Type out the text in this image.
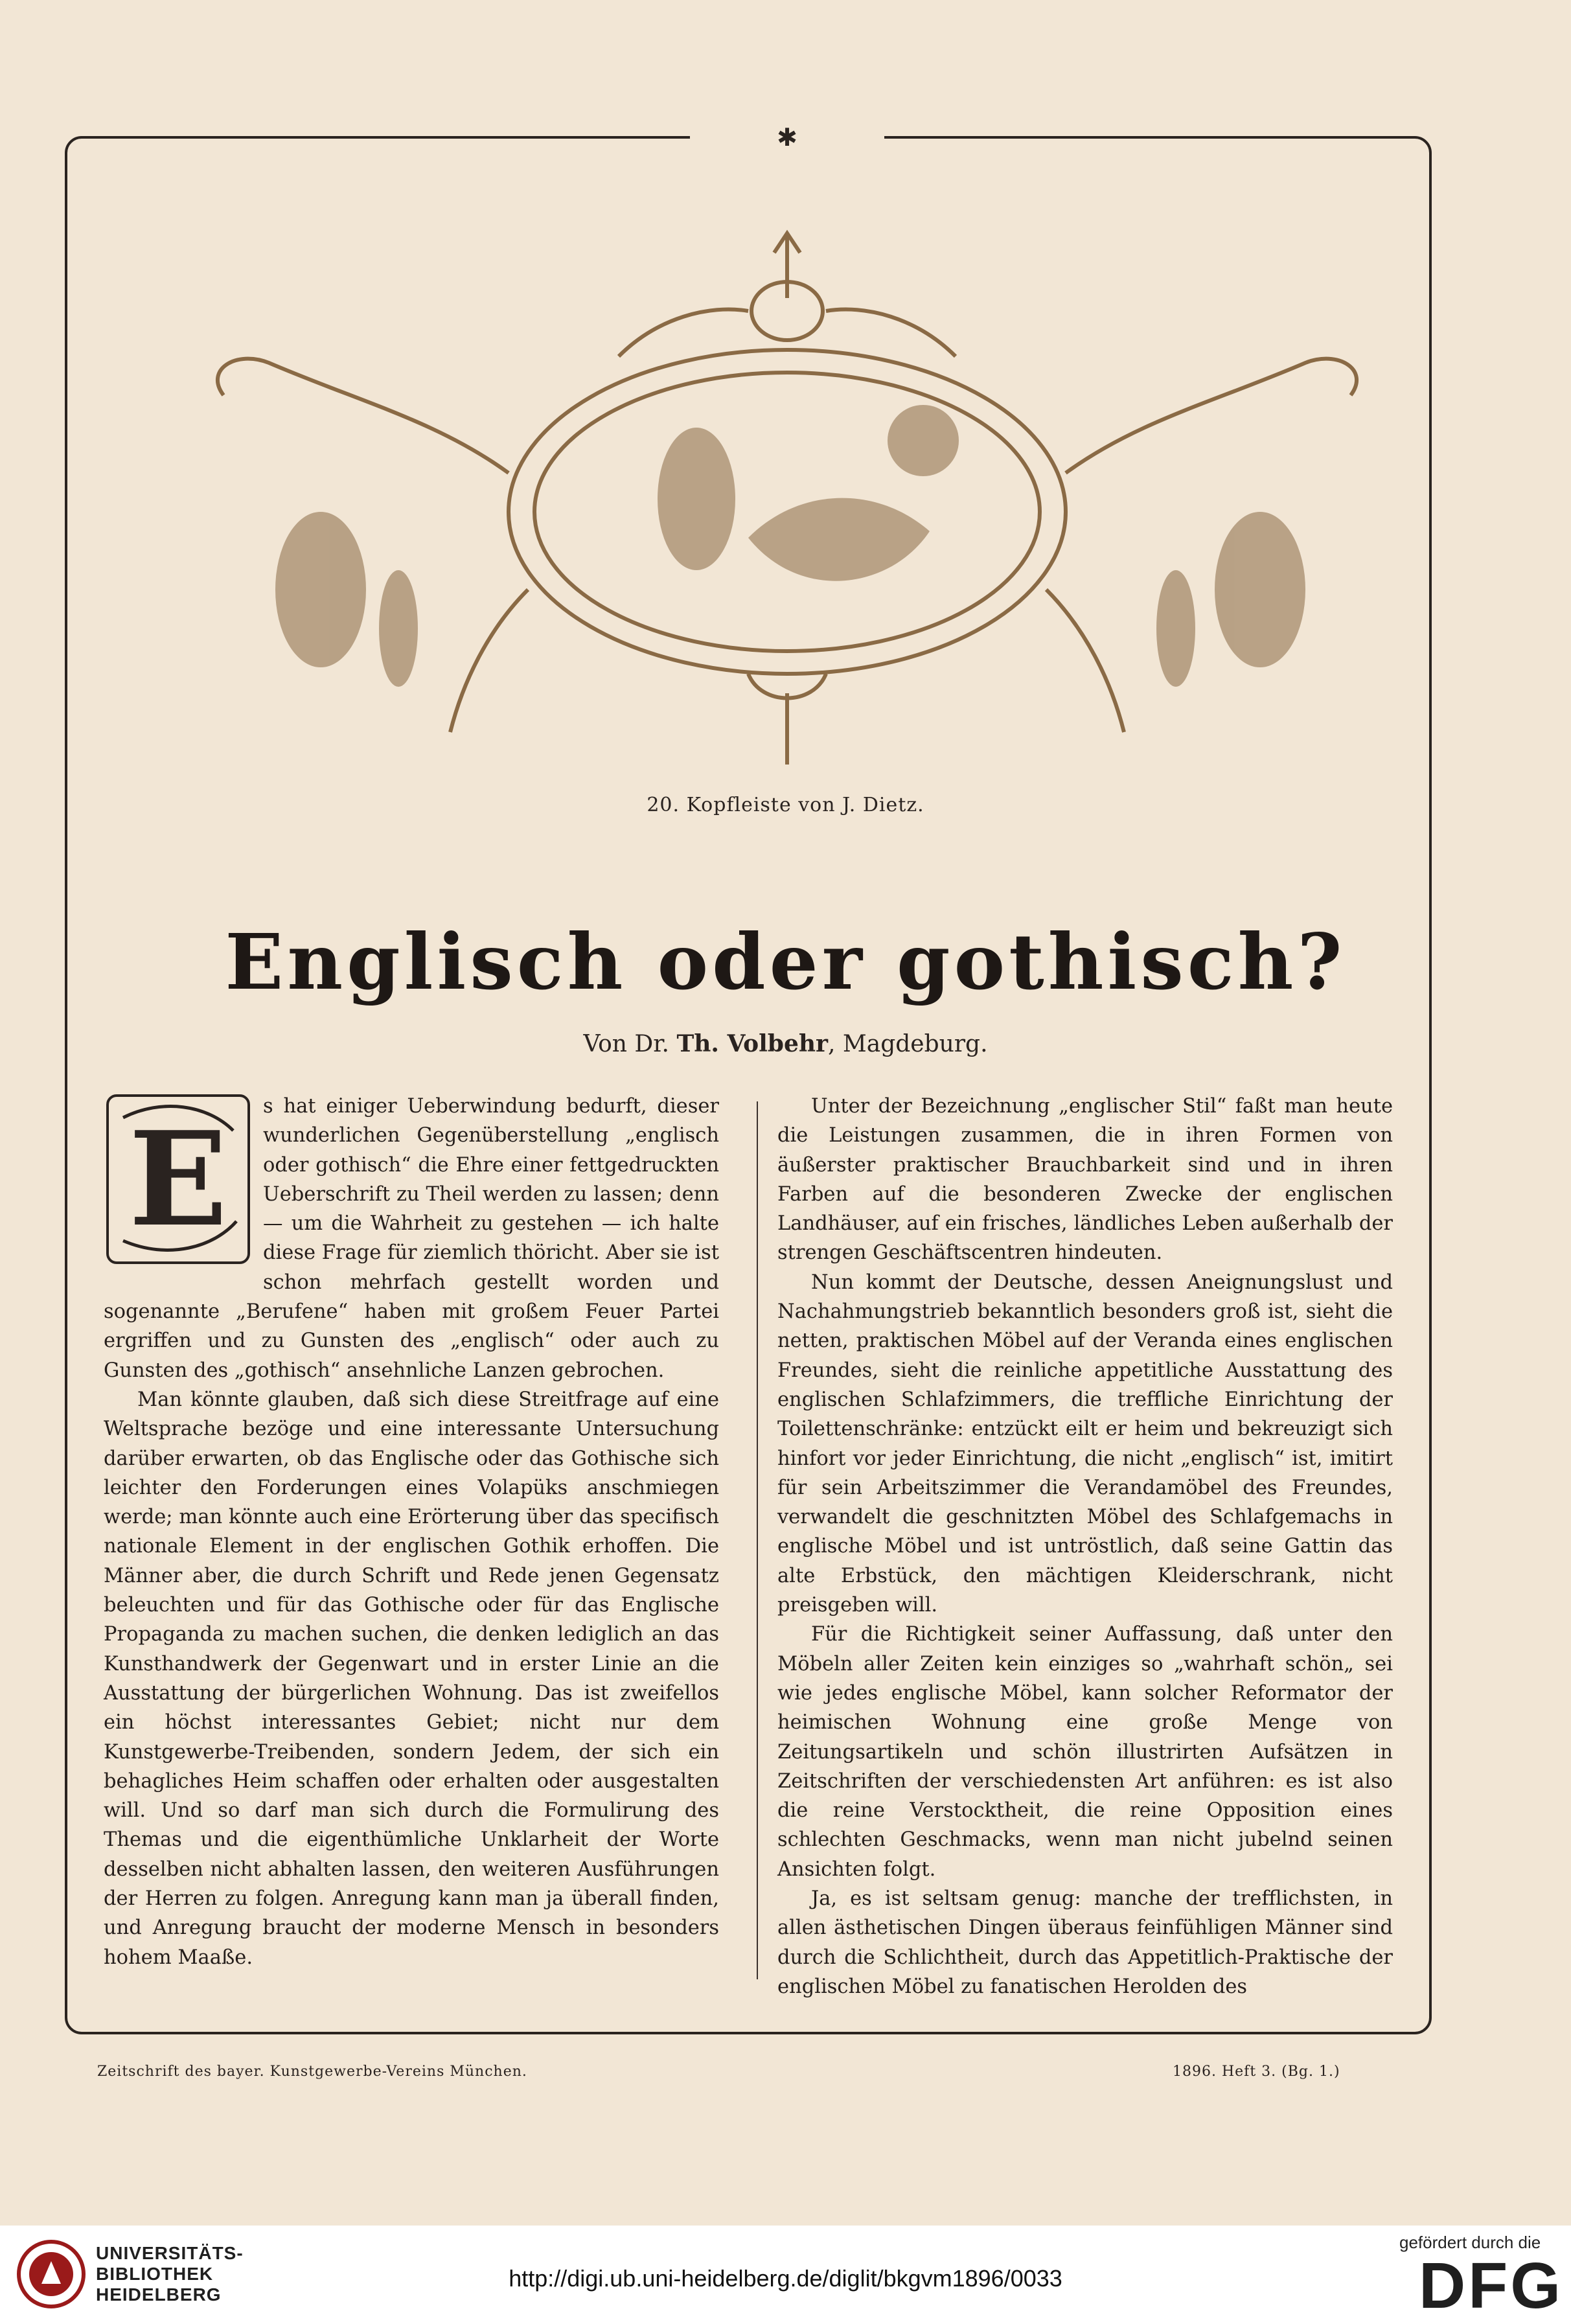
✱
20. Kopfleiste von J. Dietz.
Englisch oder gothisch?
Von Dr. Th. Volbehr, Magdeburg.
E	s hat einiger Ueberwindung bedurft, dieser wunderlichen Gegenüberstellung „englisch oder gothisch“ die Ehre einer fettgedruckten Ueberschrift zu Theil werden zu lassen; denn — um die Wahrheit zu gestehen — ich halte diese Frage für ziemlich thöricht. Aber sie ist schon mehrfach gestellt worden und sogenannte „Berufene“ haben mit großem Feuer Partei ergriffen und zu Gunsten des „englisch“ oder auch zu Gunsten des „gothisch“ ansehnliche Lanzen gebrochen.

Man könnte glauben, daß sich diese Streitfrage auf eine Weltsprache bezöge und eine interessante Untersuchung darüber erwarten, ob das Englische oder das Gothische sich leichter den Forderungen eines Volapüks anschmiegen werde; man könnte auch eine Erörterung über das specifisch nationale Element in der englischen Gothik erhoffen. Die Männer aber, die durch Schrift und Rede jenen Gegensatz beleuchten und für das Gothische oder für das Englische Propaganda zu machen suchen, die denken lediglich an das Kunsthandwerk der Gegenwart und in erster Linie an die Ausstattung der bürgerlichen Wohnung. Das ist zweifellos ein höchst interessantes Gebiet; nicht nur dem Kunstgewerbe-Treibenden, sondern Jedem, der sich ein behagliches Heim schaffen oder erhalten oder ausgestalten will. Und so darf man sich durch die Formulirung des Themas und die eigenthümliche Unklarheit der Worte desselben nicht abhalten lassen, den weiteren Ausführungen der Herren zu folgen. Anregung kann man ja überall finden, und Anregung braucht der moderne Mensch in besonders hohem Maaße.

Unter der Bezeichnung „englischer Stil“ faßt man heute die Leistungen zusammen, die in ihren Formen von äußerster praktischer Brauchbarkeit sind und in ihren Farben auf die besonderen Zwecke der englischen Landhäuser, auf ein frisches, ländliches Leben außerhalb der strengen Geschäftscentren hindeuten.

Nun kommt der Deutsche, dessen Aneignungslust und Nachahmungstrieb bekanntlich besonders groß ist, sieht die netten, praktischen Möbel auf der Veranda eines englischen Freundes, sieht die reinliche appetitliche Ausstattung des englischen Schlafzimmers, die treffliche Einrichtung der Toilettenschränke: entzückt eilt er heim und bekreuzigt sich hinfort vor jeder Einrichtung, die nicht „englisch“ ist, imitirt für sein Arbeitszimmer die Verandamöbel des Freundes, verwandelt die geschnitzten Möbel des Schlafgemachs in englische Möbel und ist untröstlich, daß seine Gattin das alte Erbstück, den mächtigen Kleiderschrank, nicht preisgeben will.

Für die Richtigkeit seiner Auffassung, daß unter den Möbeln aller Zeiten kein einziges so „wahrhaft schön„ sei wie jedes englische Möbel, kann solcher Reformator der heimischen Wohnung eine große Menge von Zeitungsartikeln und schön illustrirten Aufsätzen in Zeitschriften der verschiedensten Art anführen: es ist also die reine Verstocktheit, die reine Opposition eines schlechten Geschmacks, wenn man nicht jubelnd seinen Ansichten folgt.

Ja, es ist seltsam genug: manche der trefflichsten, in allen ästhetischen Dingen überaus feinfühligen Männer sind durch die Schlichtheit, durch das Appetitlich-Praktische der englischen Möbel zu fanatischen Herolden des

Zeitschrift des bayer. Kunstgewerbe-Vereins München.	1896. Heft 3. (Bg. 1.)
UNIVERSITÄTS-
BIBLIOTHEK
HEIDELBERG
http://digi.ub.uni-heidelberg.de/diglit/bkgvm1896/0033
gefördert durch die
DFG
